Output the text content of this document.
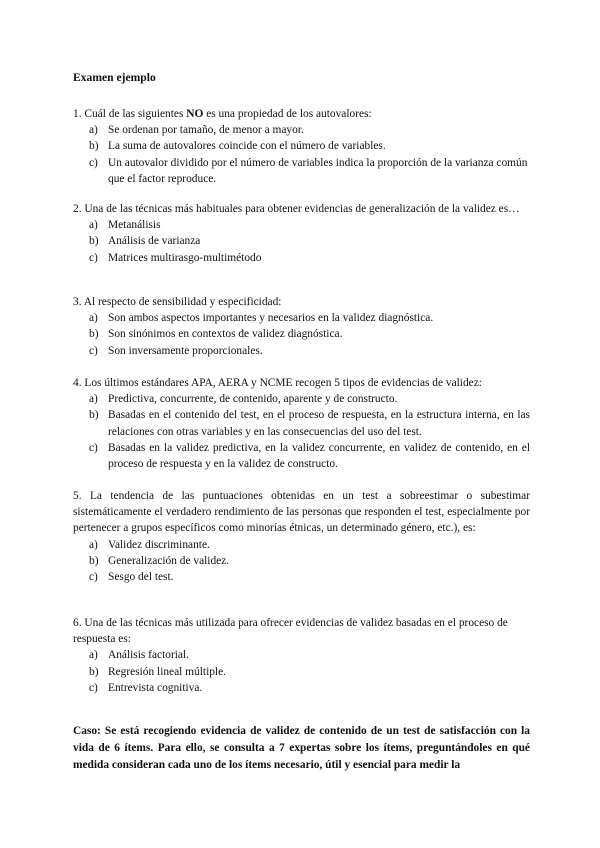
Examen ejemplo

1. Cuál de las siguientes NO es una propiedad de los autovalores:

a) Se ordenan por tamaño, de menor a mayor.
b) La suma de autovalores coincide con el número de variables.
c) Un autovalor dividido por el número de variables indica la proporción de la varianza común que el factor reproduce.

2. Una de las técnicas más habituales para obtener evidencias de generalización de la validez es…

a) Metanálisis
b) Análisis de varianza
c) Matrices multirasgo-multimétodo

3. Al respecto de sensibilidad y especificidad:

a) Son ambos aspectos importantes y necesarios en la validez diagnóstica.
b) Son sinónimos en contextos de validez diagnóstica.
c) Son inversamente proporcionales.

4. Los últimos estándares APA, AERA y NCME recogen 5 tipos de evidencias de validez:

a) Predictiva, concurrente, de contenido, aparente y de constructo.
b) Basadas en el contenido del test, en el proceso de respuesta, en la estructura interna, en las relaciones con otras variables y en las consecuencias del uso del test.
c) Basadas en la validez predictiva, en la validez concurrente, en validez de contenido, en el proceso de respuesta y en la validez de constructo.

5. La tendencia de las puntuaciones obtenidas en un test a sobreestimar o subestimar sistemáticamente el verdadero rendimiento de las personas que responden el test, especialmente por pertenecer a grupos específicos como minorías étnicas, un determinado género, etc.), es:

a) Validez discriminante.
b) Generalización de validez.
c) Sesgo del test.

6. Una de las técnicas más utilizada para ofrecer evidencias de validez basadas en el proceso de respuesta es:

a) Análisis factorial.
b) Regresión lineal múltiple.
c) Entrevista cognitiva.

Caso: Se está recogiendo evidencia de validez de contenido de un test de satisfacción con la vida de 6 ítems. Para ello, se consulta a 7 expertas sobre los ítems, preguntándoles en qué medida consideran cada uno de los ítems necesario, útil y esencial para medir la
